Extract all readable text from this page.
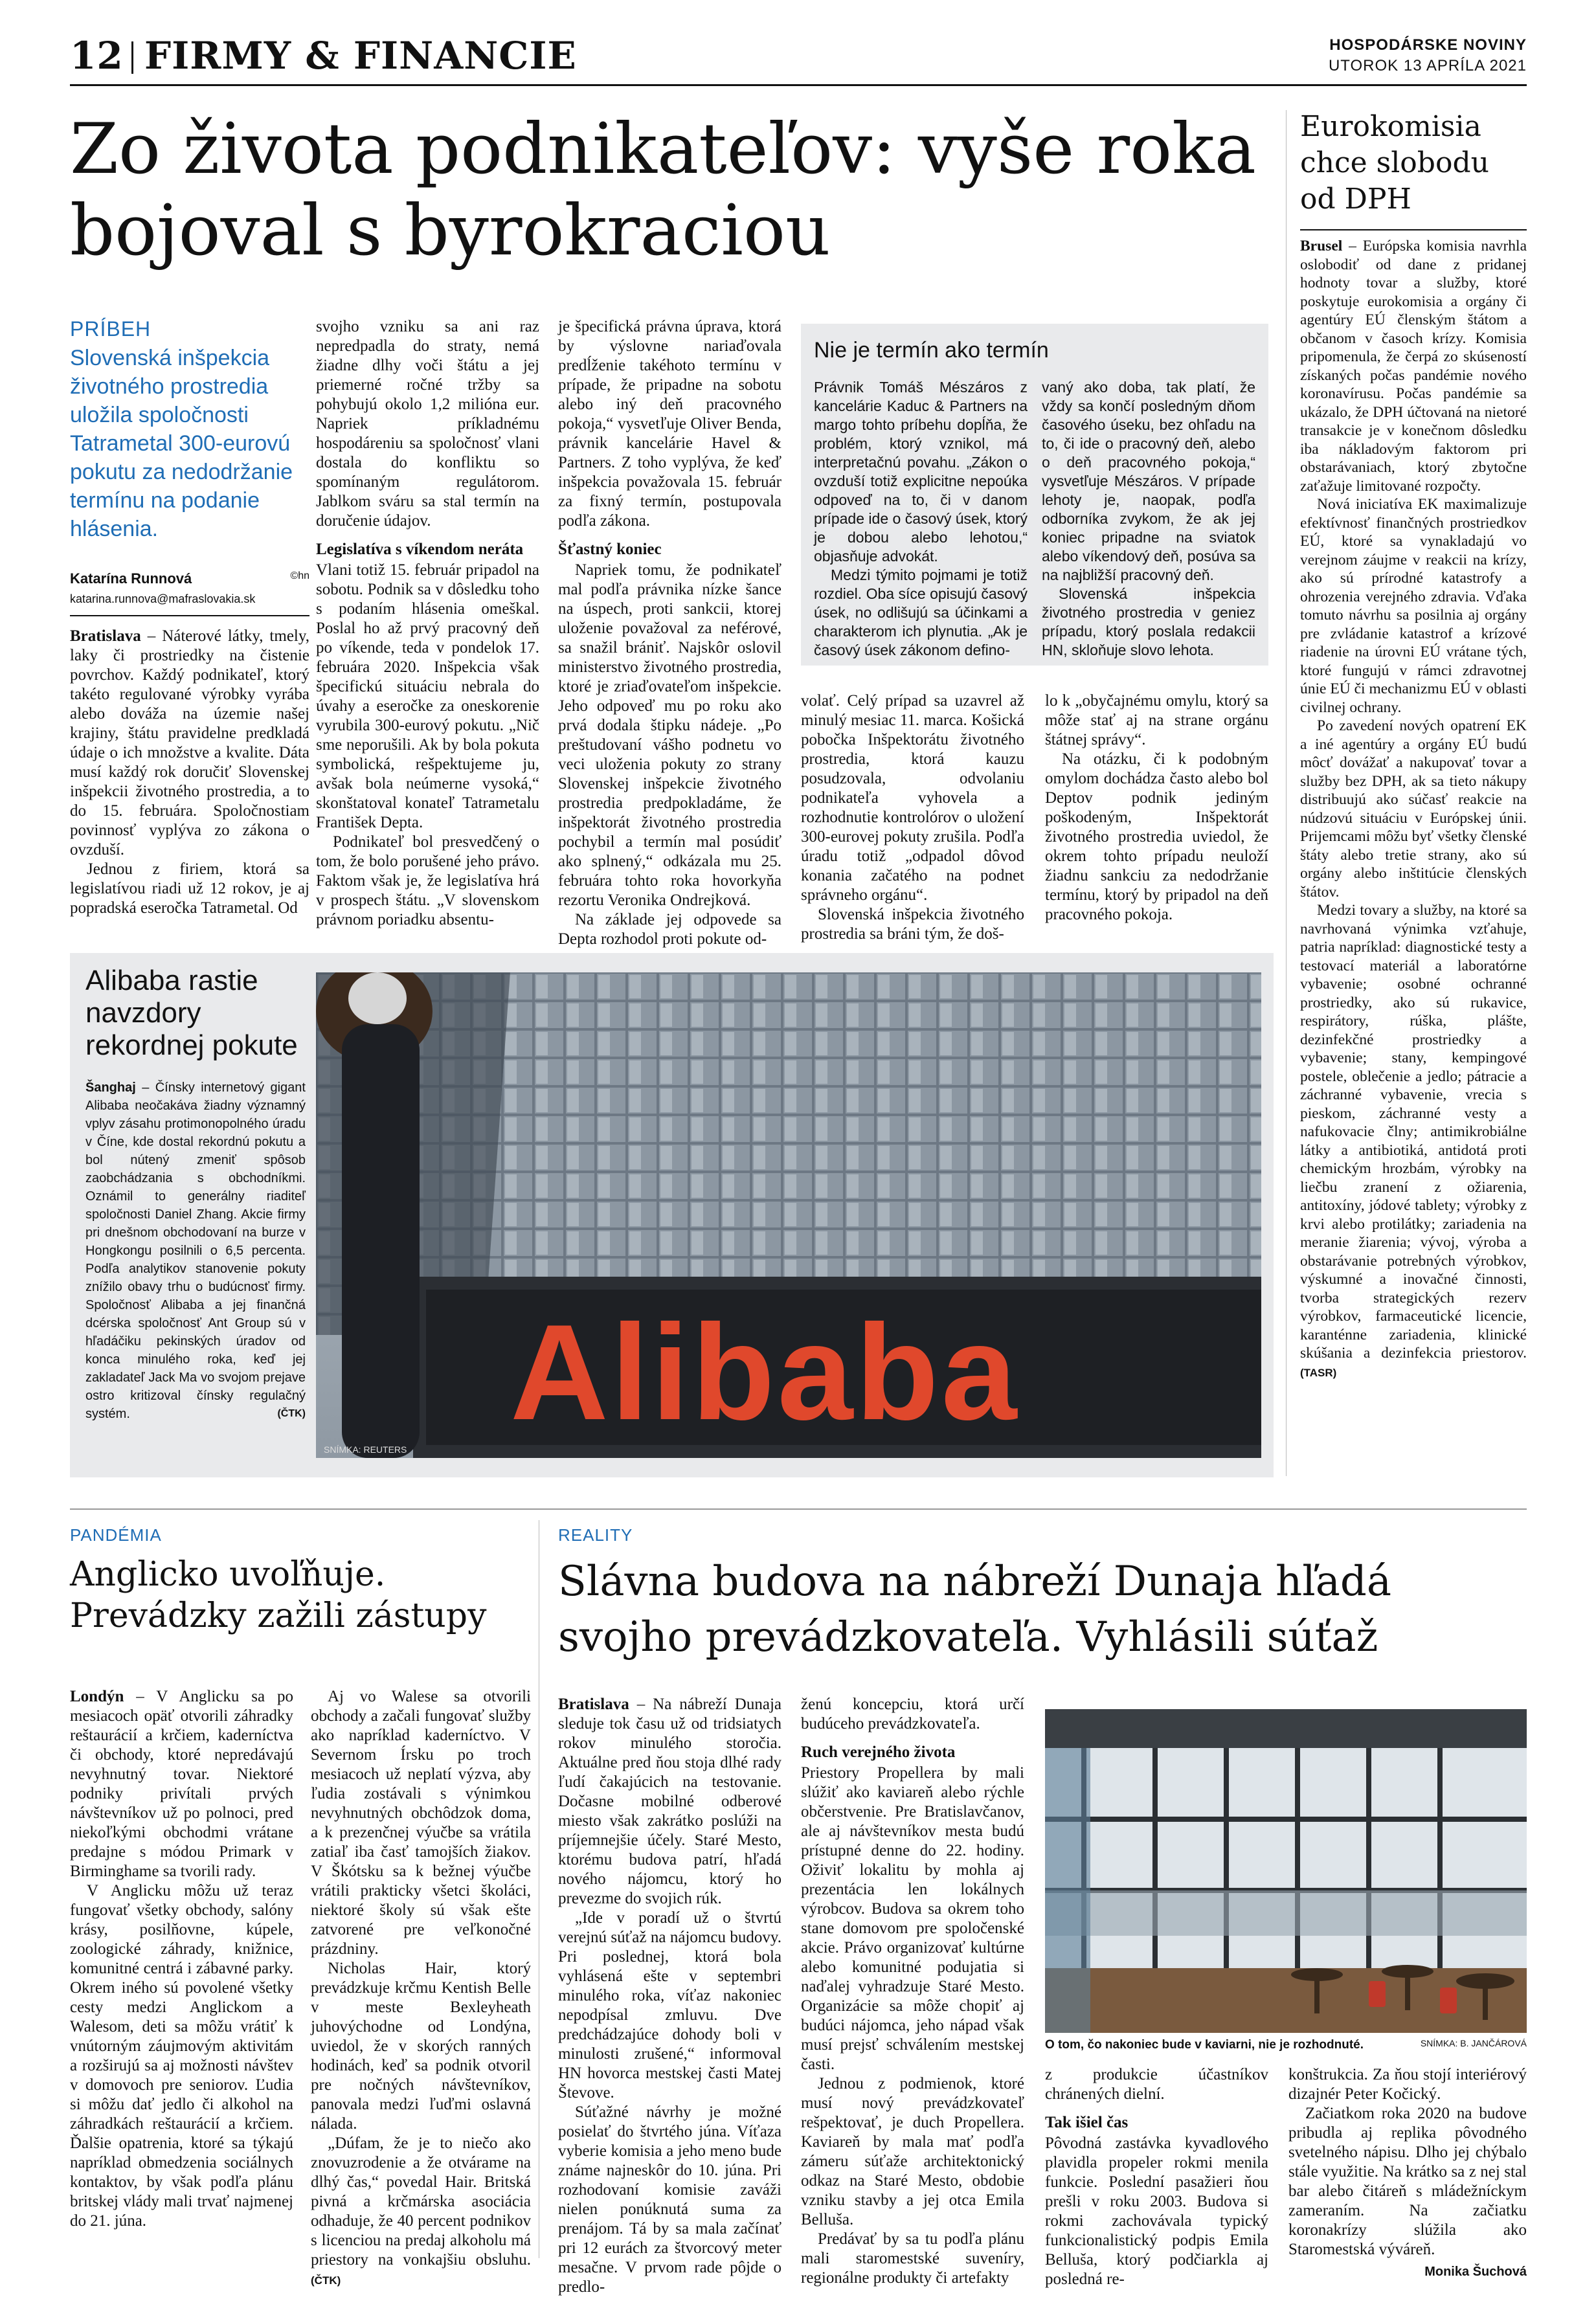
12 FIRMY & FINANCIE	HOSPODÁRSKE NOVINY
UTOROK 13 APRÍLA 2021
Zo života podnikateľov: vyše roka bojoval s byrokraciou
PRÍBEH
Slovenská inšpekcia životného prostredia uložila spoločnosti Tatrametal 300-eurovú pokutu za nedodržanie termínu na podanie hlásenia.
Katarína Runnová	©hn
katarina.runnova@mafraslovakia.sk

Bratislava – Náterové látky, tmely, laky či prostriedky na čistenie povrchov. Každý podnikateľ, ktorý takéto regulované výrobky vyrába alebo dováža na územie našej krajiny, štátu pravidelne predkladá údaje o ich množstve a kvalite. Dáta musí každý rok doručiť Slovenskej inšpekcii životného prostredia, a to do 15. februára. Spoločnostiam povinnosť vyplýva zo zákona o ovzduší.

Jednou z firiem, ktorá sa legislatívou riadi už 12 rokov, je aj popradská eseročka Tatrametal. Od

svojho vzniku sa ani raz nepredpadla do straty, nemá žiadne dlhy voči štátu a jej priemerné ročné tržby sa pohybujú okolo 1,2 milióna eur. Napriek príkladnému hospodáreniu sa spoločnosť vlani dostala do konfliktu so spomínaným regulátorom. Jablkom sváru sa stal termín na doručenie údajov.

Legislatíva s víkendom neráta

Vlani totiž 15. február pripadol na sobotu. Podnik sa v dôsledku toho s podaním hlásenia omeškal. Poslal ho až prvý pracovný deň po víkende, teda v pondelok 17. februára 2020. Inšpekcia však špecifickú situáciu nebrala do úvahy a eseročke za oneskorenie vyrubila 300-eurový pokutu. „Nič sme neporušili. Ak by bola pokuta symbolická, rešpektujeme ju, avšak bola neúmerne vysoká,“ skonštatoval konateľ Tatrametalu František Depta.

Podnikateľ bol presvedčený o tom, že bolo porušené jeho právo. Faktom však je, že legislatíva hrá v prospech štátu. „V slovenskom právnom poriadku absentu-

je špecifická právna úprava, ktorá by výslovne nariaďovala predĺženie takéhoto termínu v prípade, že pripadne na sobotu alebo iný deň pracovného pokoja,“ vysvetľuje Oliver Benda, právnik kancelárie Havel & Partners. Z toho vyplýva, že keď inšpekcia považovala 15. február za fixný termín, postupovala podľa zákona.

Šťastný koniec

Napriek tomu, že podnikateľ mal podľa právnika nízke šance na úspech, proti sankcii, ktorej uloženie považoval za neférové, sa snažil brániť. Najskôr oslovil ministerstvo životného prostredia, ktoré je zriaďovateľom inšpekcie. Jeho odpoveď mu po roku ako prvá dodala štipku nádeje. „Po preštudovaní vášho podnetu vo veci uloženia pokuty zo strany Slovenskej inšpekcie životného prostredia predpokladáme, že inšpektorát životného prostredia pochybil a termín mal posúdiť ako splnený,“ odkázala mu 25. februára tohto roka hovorkyňa rezortu Veronika Ondrejková.

Na základe jej odpovede sa Depta rozhodol proti pokute od-

Nie je termín ako termín

Právnik Tomáš Mészáros z kancelárie Kaduc & Partners na margo tohto príbehu dopĺňa, že problém, ktorý vznikol, má interpretačnú povahu. „Zákon o ovzduší totiž explicitne nepoúka odpoveď na to, či v danom prípade ide o časový úsek, ktorý je dobou alebo lehotou,“ objasňuje advokát.

Medzi týmito pojmami je totiž rozdiel. Oba síce opisujú časový úsek, no odlišujú sa účinkami a charakterom ich plynutia. „Ak je časový úsek zákonom defino-

vaný ako doba, tak platí, že vždy sa končí posledným dňom časového úseku, bez ohľadu na to, či ide o pracovný deň, alebo o deň pracovného pokoja,“ vysvetľuje Mészáros. V prípade lehoty je, naopak, podľa odborníka zvykom, že ak jej koniec pripadne na sviatok alebo víkendový deň, posúva sa na najbližší pracovný deň.

Slovenská inšpekcia životného prostredia v geniez prípadu, ktorý poslala redakcii HN, skloňuje slovo lehota.

volať. Celý prípad sa uzavrel až minulý mesiac 11. marca. Košická pobočka Inšpektorátu životného prostredia, ktorá kauzu posudzovala, odvolaniu podnikateľa vyhovela a rozhodnutie kontrolórov o uložení 300-eurovej pokuty zrušila. Podľa úradu totiž „odpadol dôvod konania začatého na podnet správneho orgánu“.

Slovenská inšpekcia životného prostredia sa bráni tým, že doš-

lo k „obyčajnému omylu, ktorý sa môže stať aj na strane orgánu štátnej správy“.

Na otázku, či k podobným omylom dochádza často alebo bol Deptov podnik jediným poškodeným, Inšpektorát životného prostredia uviedol, že okrem tohto prípadu neuloží žiadnu sankciu za nedodržanie termínu, ktorý by pripadol na deň pracovného pokoja.

Eurokomisia chce slobodu od DPH

Brusel – Európska komisia navrhla oslobodiť od dane z pridanej hodnoty tovar a služby, ktoré poskytuje eurokomisia a orgány či agentúry EÚ členským štátom a občanom v časoch krízy. Komisia pripomenula, že čerpá zo skúseností získaných počas pandémie nového koronavírusu. Počas pandémie sa ukázalo, že DPH účtovaná na nietoré transakcie je v konečnom dôsledku iba nákladovým faktorom pri obstarávaniach, ktorý zbytočne zaťažuje limitované rozpočty.

Nová iniciatíva EK maximalizuje efektívnosť finančných prostriedkov EÚ, ktoré sa vynakladajú vo verejnom záujme v reakcii na krízy, ako sú prírodné katastrofy a ohrozenia verejného zdravia. Vďaka tomuto návrhu sa posilnia aj orgány pre zvládanie katastrof a krízové riadenie na úrovni EÚ vrátane tých, ktoré fungujú v rámci zdravotnej únie EÚ či mechanizmu EÚ v oblasti civilnej ochrany.

Po zavedení nových opatrení EK a iné agentúry a orgány EÚ budú môcť dovážať a nakupovať tovar a služby bez DPH, ak sa tieto nákupy distribuujú ako súčasť reakcie na núdzovú situáciu v Európskej únii. Prijemcami môžu byť všetky členské štáty alebo tretie strany, ako sú orgány alebo inštitúcie členských štátov.

Medzi tovary a služby, na ktoré sa navrhovaná výnimka vzťahuje, patria napríklad: diagnostické testy a testovací materiál a laboratórne vybavenie; osobné ochranné prostriedky, ako sú rukavice, respirátory, rúška, plášte, dezinfekčné prostriedky a vybavenie; stany, kempingové postele, oblečenie a jedlo; pátracie a záchranné vybavenie, vrecia s pieskom, záchranné vesty a nafukovacie člny; antimikrobiálne látky a antibiotiká, antidotá proti chemickým hrozbám, výrobky na liečbu zranení z ožiarenia, antitoxíny, jódové tablety; výrobky z krvi alebo protilátky; zariadenia na meranie žiarenia; vývoj, výroba a obstarávanie potrebných výrobkov, výskumné a inovačné činnosti, tvorba strategických rezerv výrobkov, farmaceutické licencie, karanténne zariadenia, klinické skúšania a dezinfekcia priestorov. (TASR)

Alibaba rastie navzdory rekordnej pokute
Šanghaj – Čínsky internetový gigant Alibaba neočakáva žiadny významný vplyv zásahu protimonopolného úradu v Číne, kde dostal rekordnú pokutu a bol nútený zmeniť spôsob zaobchádzania s obchodníkmi. Oznámil to generálny riaditeľ spoločnosti Daniel Zhang. Akcie firmy pri dnešnom obchodovaní na burze v Hongkongu posilnili o 6,5 percenta. Podľa analytikov stanovenie pokuty znížilo obavy trhu o budúcnosť firmy. Spoločnosť Alibaba a jej finančná dcérska spoločnosť Ant Group sú v hľadáčiku pekinských úradov od konca minulého roka, keď jej zakladateľ Jack Ma vo svojom prejave ostro kritizoval čínsky regulačný systém.	(ČTK) Alibaba
SNÍMKA: REUTERS
PANDÉMIA
Anglicko uvoľňuje. Prevádzky zažili zástupy

Londýn – V Anglicku sa po mesiacoch opäť otvorili záhradky reštaurácií a krčiem, kaderníctva či obchody, ktoré nepredávajú nevyhnutný tovar. Niektoré podniky privítali prvých návštevníkov už po polnoci, pred niekoľkými obchodmi vrátane predajne s módou Primark v Birminghame sa tvorili rady.

V Anglicku môžu už teraz fungovať všetky obchody, salóny krásy, posilňovne, kúpele, zoologické záhrady, knižnice, komunitné centrá i zábavné parky. Okrem iného sú povolené všetky cesty medzi Anglickom a Walesom, deti sa môžu vrátiť k vnútorným záujmovým aktivitám a rozširujú sa aj možnosti návštev v domovoch pre seniorov. Ľudia si môžu dať jedlo či alkohol na záhradkách reštaurácií a krčiem. Ďalšie opatrenia, ktoré sa týkajú napríklad obmedzenia sociálnych kontaktov, by však podľa plánu britskej vlády mali trvať najmenej do 21. júna.

Aj vo Walese sa otvorili obchody a začali fungovať služby ako napríklad kaderníctvo. V Severnom Írsku po troch mesiacoch už neplatí výzva, aby ľudia zostávali s výnimkou nevyhnutných obchôdzok doma, a k prezenčnej výučbe sa vrátila zatiaľ iba časť tamojších žiakov. V Škótsku sa k bežnej výučbe vrátili prakticky všetci školáci, niektoré školy sú však ešte zatvorené pre veľkonočné prázdniny.

Nicholas Hair, ktorý prevádzkuje krčmu Kentish Belle v meste Bexleyheath juhovýchodne od Londýna, uviedol, že v skorých ranných hodinách, keď sa podnik otvoril pre nočných návštevníkov, panovala medzi ľuďmi oslavná nálada.

„Dúfam, že je to niečo ako znovuzrodenie a že otváramе na dlhý čas,“ povedal Hair. Britská pivná a krčmárska asociácia odhaduje, že 40 percent podnikov s licenciou na predaj alkoholu má priestory na vonkajšiu obsluhu. (ČTK)

REALITY
Slávna budova na nábreží Dunaja hľadá svojho prevádzkovateľa. Vyhlásili súťaž

Bratislava – Na nábreží Dunaja sleduje tok času už od tridsiatych rokov minulého storočia. Aktuálne pred ňou stoja dlhé rady ľudí čakajúcich na testovanie. Dočasne mobilné odberové miesto však zakrátko poslúži na príjemnejšie účely. Staré Mesto, ktorému budova patrí, hľadá nového nájomcu, ktorý ho prevezme do svojich rúk.

„Ide v poradí už o štvrtú verejnú súťaž na nájomcu budovy. Pri poslednej, ktorá bola vyhlásená ešte v septembri minulého roka, víťaz nakoniec nepodpísal zmluvu. Dve predchádzajúce dohody boli v minulosti zrušené,“ informoval HN hovorca mestskej časti Matej Števove.

Súťažné návrhy je možné posielať do štvrtého júna. Víťaza vyberie komisia a jeho meno bude známe najneskôr do 10. júna. Pri rozhodovaní komisie zaváži nielen ponúknutá suma za prenájom. Tá by sa mala začínať pri 12 eurách za štvorcový meter mesačne. V prvom rade pôjde o predlo-

ženú koncepciu, ktorá určí budúceho prevádzkovateľa.

Ruch verejného života

Priestory Propellera by mali slúžiť ako kaviareň alebo rýchle občerstvenie. Pre Bratislavčanov, ale aj návštevníkov mesta budú prístupné denne do 22. hodiny. Oživiť lokalitu by mohla aj prezentácia len lokálnych výrobcov. Budova sa okrem toho stane domovom pre spoločenské akcie. Právo organizovať kultúrne alebo komunitné podujatia si naďalej vyhradzuje Staré Mesto. Organizácie sa môže chopiť aj budúci nájomca, jeho nápad však musí prejsť schválením mestskej časti.

Jednou z podmienok, ktoré musí nový prevádzkovateľ rešpektovať, je duch Propellera. Kaviareň by mala mať podľa zámeru súťaže architektonický odkaz na Staré Mesto, obdobie vzniku stavby a jej otca Emila Belluša.

Predávať by sa tu podľa plánu mali staromestské suveníry, regionálne produkty či artefakty

O tom, čo nakoniec bude v kaviarni, nie je rozhodnuté.	SNÍMKA: B. JANČÁROVÁ

z produkcie účastníkov chránených dielní.

Tak išiel čas

Pôvodná zastávka kyvadlového plavidla propeler rokmi menila funkcie. Poslední pasažieri ňou prešli v roku 2003. Budova si rokmi zachovávala typický funkcionalistický podpis Emila Belluša, ktorý podčiarkla aj posledná re-

konštrukcia. Za ňou stojí interiérový dizajnér Peter Kočický.

Začiatkom roka 2020 na budove pribudla aj replika pôvodného svetelného nápisu. Dlho jej chýbalo stále využitie. Na krátko sa z nej stal bar alebo čitáreň s mládežníckym zameraním. Na začiatku koronakrízy slúžila ako Staromestská výváreň.

Monika Šuchová
